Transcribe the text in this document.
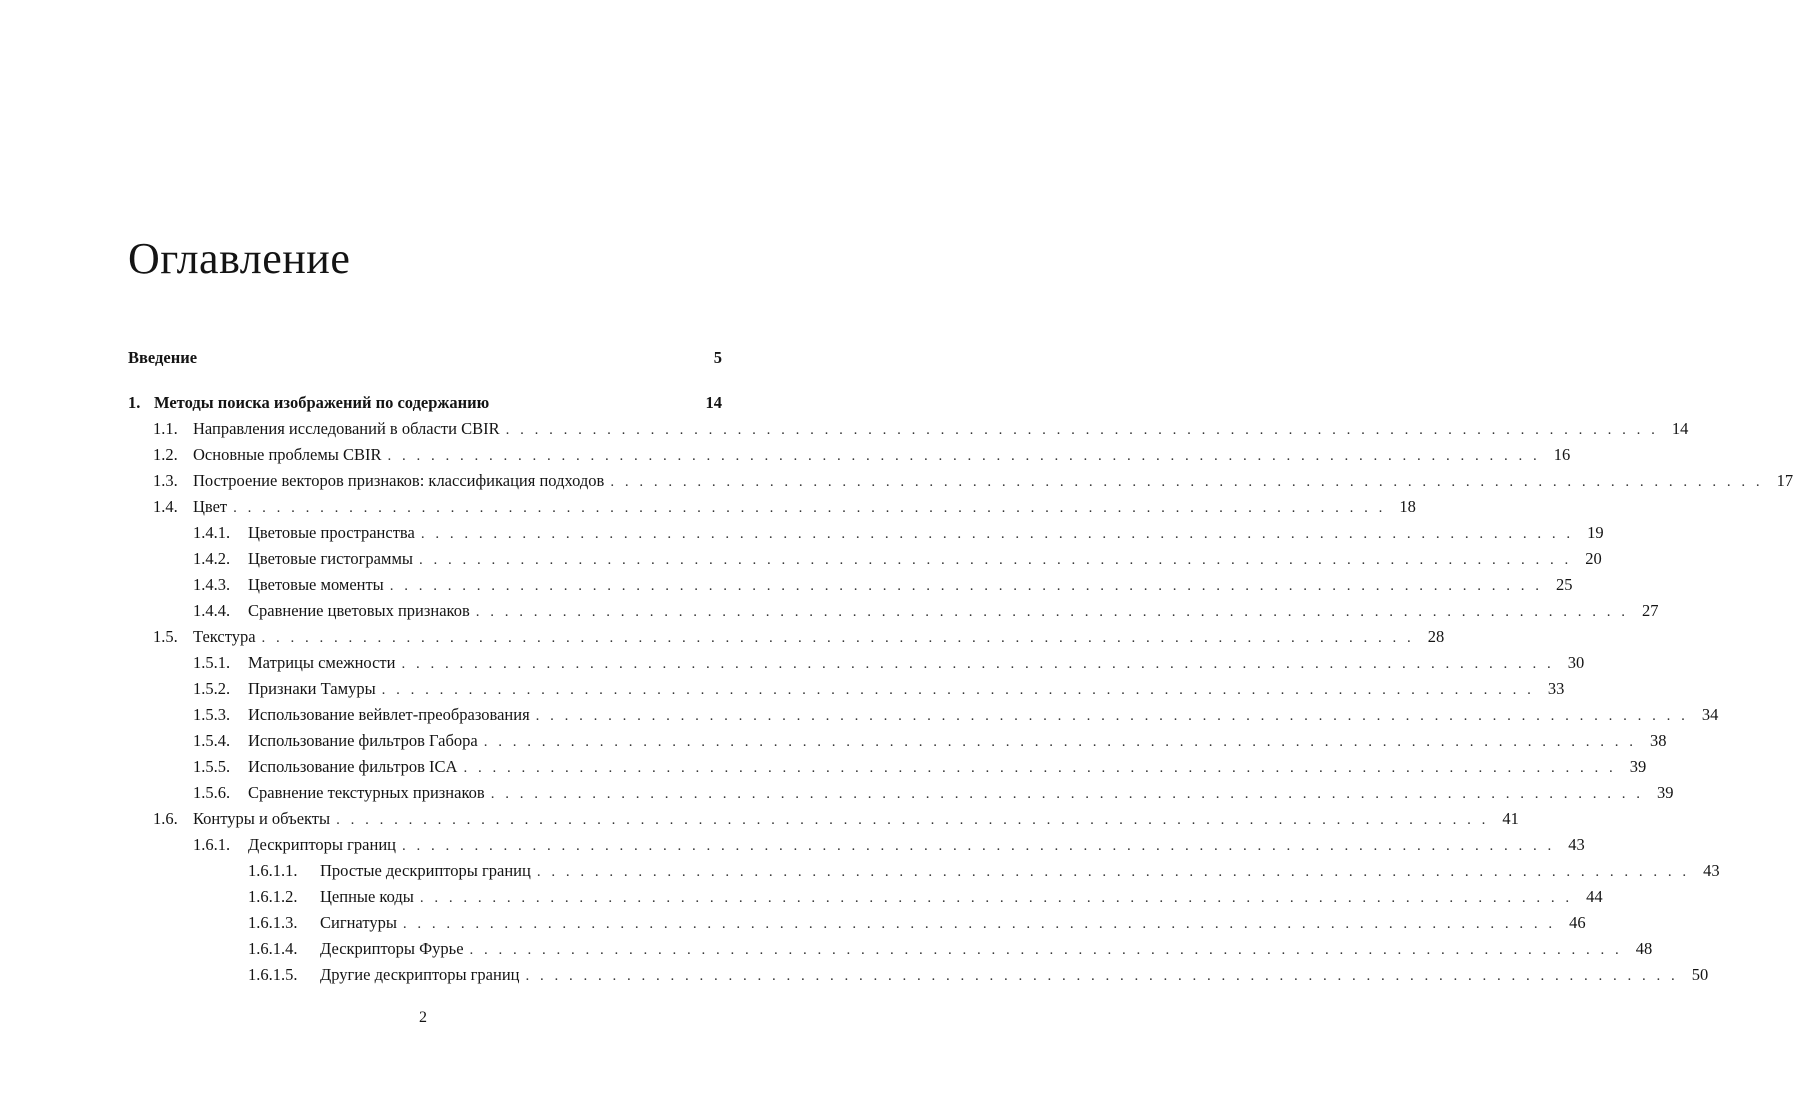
Оглавление
Введение	5
1. Методы поиска изображений по содержанию	14
1.1. Направления исследований в области CBIR . . . . . . . . . . . . . . . . . . . . . . . . . . . . . . . . . . . . . . . . . . . . . . . . . . . . . . . . . . . . . . . . . . . . . . . . . . . . . . . . 14
1.2. Основные проблемы CBIR . . . . . . . . . . . . . . . . . . . . . . . . . . . . . . . . . . . . . . . . . . . . . . . . . . . . . . . . . . . . . . . . . . . . . . . . . . . . . . . . 16
1.3. Построение векторов признаков: классификация подходов . . . . . . . . . . . . . . . . . . . . . . . . . . . . . . . . . . . . . . . . . . . . . . . . . . . . . . . . . . . . . . . . . . . . . . . . . . . . . . . . 17
1.4. Цвет . . . . . . . . . . . . . . . . . . . . . . . . . . . . . . . . . . . . . . . . . . . . . . . . . . . . . . . . . . . . . . . . . . . . . . . . . . . . . . . . 18
1.4.1.	Цветовые пространства . . . . . . . . . . . . . . . . . . . . . . . . . . . . . . . . . . . . . . . . . . . . . . . . . . . . . . . . . . . . . . . . . . . . . . . . . . . . . . . . 19
1.4.2.	Цветовые гистограммы . . . . . . . . . . . . . . . . . . . . . . . . . . . . . . . . . . . . . . . . . . . . . . . . . . . . . . . . . . . . . . . . . . . . . . . . . . . . . . . . 20
1.4.3.	Цветовые моменты . . . . . . . . . . . . . . . . . . . . . . . . . . . . . . . . . . . . . . . . . . . . . . . . . . . . . . . . . . . . . . . . . . . . . . . . . . . . . . . . 25
1.4.4.	Сравнение цветовых признаков . . . . . . . . . . . . . . . . . . . . . . . . . . . . . . . . . . . . . . . . . . . . . . . . . . . . . . . . . . . . . . . . . . . . . . . . . . . . . . . . 27
1.5. Текстура . . . . . . . . . . . . . . . . . . . . . . . . . . . . . . . . . . . . . . . . . . . . . . . . . . . . . . . . . . . . . . . . . . . . . . . . . . . . . . . . 28
1.5.1.	Матрицы смежности . . . . . . . . . . . . . . . . . . . . . . . . . . . . . . . . . . . . . . . . . . . . . . . . . . . . . . . . . . . . . . . . . . . . . . . . . . . . . . . . 30
1.5.2.	Признаки Тамуры . . . . . . . . . . . . . . . . . . . . . . . . . . . . . . . . . . . . . . . . . . . . . . . . . . . . . . . . . . . . . . . . . . . . . . . . . . . . . . . . 33
1.5.3.	Использование вейвлет-преобразования . . . . . . . . . . . . . . . . . . . . . . . . . . . . . . . . . . . . . . . . . . . . . . . . . . . . . . . . . . . . . . . . . . . . . . . . . . . . . . . . 34
1.5.4.	Использование фильтров Габора . . . . . . . . . . . . . . . . . . . . . . . . . . . . . . . . . . . . . . . . . . . . . . . . . . . . . . . . . . . . . . . . . . . . . . . . . . . . . . . . 38
1.5.5.	Использование фильтров ICA . . . . . . . . . . . . . . . . . . . . . . . . . . . . . . . . . . . . . . . . . . . . . . . . . . . . . . . . . . . . . . . . . . . . . . . . . . . . . . . . 39
1.5.6.	Сравнение текстурных признаков . . . . . . . . . . . . . . . . . . . . . . . . . . . . . . . . . . . . . . . . . . . . . . . . . . . . . . . . . . . . . . . . . . . . . . . . . . . . . . . . 39
1.6. Контуры и объекты . . . . . . . . . . . . . . . . . . . . . . . . . . . . . . . . . . . . . . . . . . . . . . . . . . . . . . . . . . . . . . . . . . . . . . . . . . . . . . . . 41
1.6.1.	Дескрипторы границ . . . . . . . . . . . . . . . . . . . . . . . . . . . . . . . . . . . . . . . . . . . . . . . . . . . . . . . . . . . . . . . . . . . . . . . . . . . . . . . . 43
1.6.1.1.	Простые дескрипторы границ . . . . . . . . . . . . . . . . . . . . . . . . . . . . . . . . . . . . . . . . . . . . . . . . . . . . . . . . . . . . . . . . . . . . . . . . . . . . . . . . 43
1.6.1.2.	Цепные коды . . . . . . . . . . . . . . . . . . . . . . . . . . . . . . . . . . . . . . . . . . . . . . . . . . . . . . . . . . . . . . . . . . . . . . . . . . . . . . . . 44
1.6.1.3.	Сигнатуры . . . . . . . . . . . . . . . . . . . . . . . . . . . . . . . . . . . . . . . . . . . . . . . . . . . . . . . . . . . . . . . . . . . . . . . . . . . . . . . . 46
1.6.1.4.	Дескрипторы Фурье . . . . . . . . . . . . . . . . . . . . . . . . . . . . . . . . . . . . . . . . . . . . . . . . . . . . . . . . . . . . . . . . . . . . . . . . . . . . . . . . 48
1.6.1.5.	Другие дескрипторы границ . . . . . . . . . . . . . . . . . . . . . . . . . . . . . . . . . . . . . . . . . . . . . . . . . . . . . . . . . . . . . . . . . . . . . . . . . . . . . . . . 50
2
